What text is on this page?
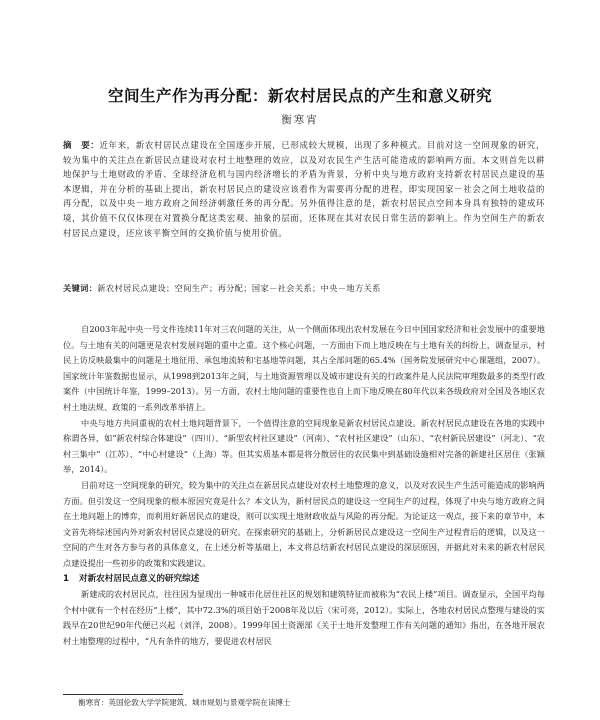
空间生产作为再分配：新农村居民点的产生和意义研究
衡寒宵
摘　要：近年来，新农村居民点建设在全国逐步开展，已形成较大规模，出现了多种模式。目前对这一空间现象的研究，较为集中的关注点在新居民点建设对农村土地整理的效应，以及对农民生产生活可能造成的影响两方面。本文则首先以耕地保护与土地财政的矛盾、全球经济危机与国内经济增长的矛盾为背景，分析中央与地方政府支持新农村居民点建设的基本逻辑，并在分析的基础上提出，新农村居民点的建设应该看作为需要再分配的进程，即实现国家－社会之间土地收益的再分配，以及中央－地方政府之间经济刺激任务的再分配。另外值得注意的是，新农村居民点空间本身具有独特的建成环境，其价值不仅仅体现在对置换分配这类宏观、抽象的层面，还体现在其对农民日常生活的影响上。作为空间生产的新农村居民点建设，还应该平衡空间的交换价值与使用价值。
关键词：新农村居民点建设；空间生产；再分配；国家－社会关系；中央－地方关系

自2003年起中央一号文件连续11年对三农问题的关注，从一个侧面体现出农村发展在今日中国国家经济和社会发展中的重要地位。与土地有关的问题更是农村发展问题的重中之重。这个核心问题，一方面由下而上地反映在与土地有关的纠纷上，调查显示，村民上访反映最集中的问题是土地征用、承包地流转和宅基地等问题，其占全部问题的65.4%（国务院发展研究中心课题组，2007）。国家统计年鉴数据也显示，从1998到2013年之间，与土地资源管理以及城市建设有关的行政案件是人民法院审理数最多的类型行政案件（中国统计年鉴，1999–2013）。另一方面，农村土地问题的重要性也自上而下地反映在80年代以来各级政府对全国及各地区农村土地法规、政策的一系列改革举措上。

中央与地方共同重视的农村土地问题背景下，一个值得注意的空间现象是新农村居民点建设。新农村居民点建设在各地的实践中称谓各异，如“新农村综合体建设”（四川）、“新型农村社区建设”（河南）、“农村社区建设”（山东）、“农村新民居建设”（河北）、“农村三集中”（江苏）、“中心村建设”（上海）等。但其实质基本都是将分散居住的农民集中到基础设施相对完备的新建社区居住（张颖举，2014）。

目前对这一空间现象的研究，较为集中的关注点在新居民点建设对农村土地整理的意义，以及对农民生产生活可能造成的影响两方面。但引发这一空间现象的根本原因究竟是什么？本文认为，新村居民点的建设这一空间生产的过程，体现了中央与地方政府之间在土地问题上的博弈，而利用好新居民点的建设，则可以实现土地财政收益与风险的再分配。为论证这一观点，接下来的章节中，本文首先将综述国内外对新农村居民点建设的研究。在探索研究的基础上，分析新居民点建设这一空间生产过程背后的逻辑，以及这一空间的产生对各方参与者的具体意义，在上述分析等基础上，本文将总结新农村居民点建设的深层原因，并据此对未来的新农村居民点建设提出一些初步的政策和实践建议。

1 对新农村居民点意义的研究综述

新建成的农村居民点，往往因为显现出一种城市化居住社区的规划和建筑特征而被称为“农民上楼”项目。调查显示，全国平均每个村中就有一个村在经历“上楼”，其中72.3%的项目始于2008年及以后（宋可亮，2012）。实际上，各地农村居民点整理与建设的实践早在20世纪90年代便已兴起（刘洋，2008）。1999年国土资源部《关于土地开发整理工作有关问题的通知》指出，在各地开展农村土地整理的过程中，“凡有条件的地方，要促进农村居民

衡寒宵：英国伦敦大学学院建筑、城市规划与景观学院在读博士
